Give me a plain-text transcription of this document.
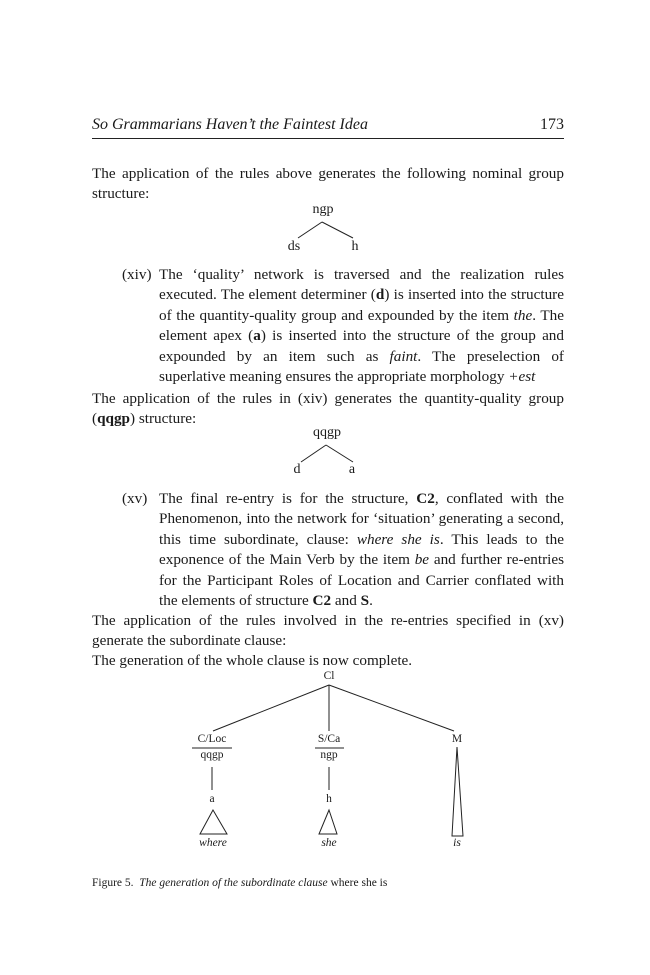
So Grammarians Haven’t the Faintest Idea	173
The application of the rules above generates the following nominal group structure:
ngp
ds	h
(xiv) The ‘quality’ network is traversed and the realization rules executed. The element determiner (d) is inserted into the structure of the quantity-quality group and expounded by the item the. The element apex (a) is inserted into the structure of the group and expounded by an item such as faint. The preselection of superlative meaning ensures the appropriate morphology +est
The application of the rules in (xiv) generates the quantity-quality group (qqgp) structure:
qqgp
d	a
(xv) The final re-entry is for the structure, C2, conflated with the Phenomenon, into the network for ‘situation’ generating a second, this time subordinate, clause: where she is. This leads to the exponence of the Main Verb by the item be and further re-entries for the Participant Roles of Location and Carrier conflated with the elements of structure C2 and S.
The application of the rules involved in the re-entries specified in (xv) generate the subordinate clause:
The generation of the whole clause is now complete.
Cl
C/Loc
qqgp
a
where
S/Ca
ngp
h
she
M
is
Figure 5. The generation of the subordinate clause where she is
